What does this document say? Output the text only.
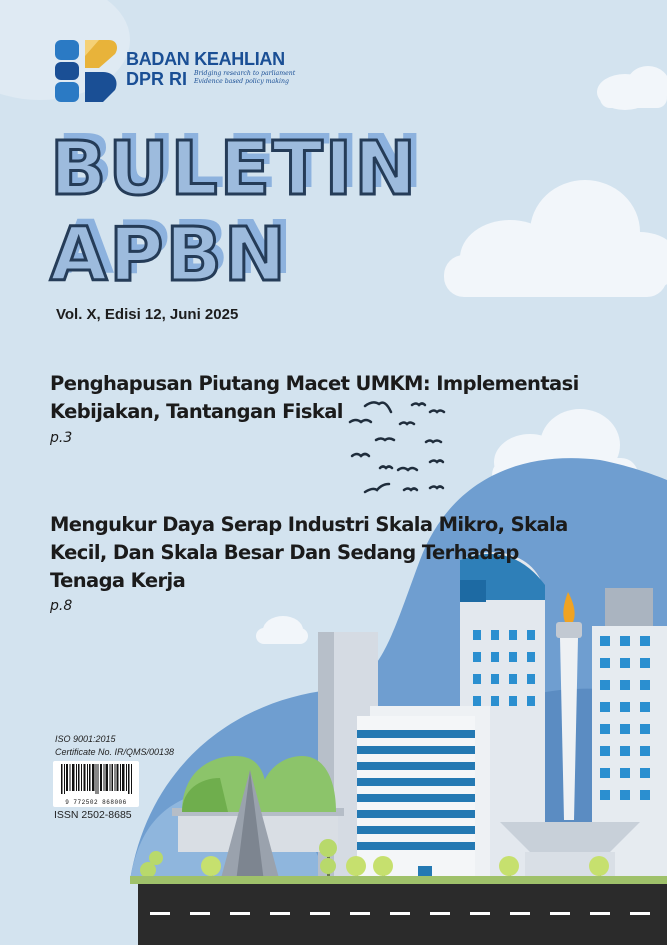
BADAN KEAHLIAN
DPR RI Bridging research to parliament
Evidence based policy making
BULETIN
APBN
Vol. X, Edisi 12, Juni 2025
Penghapusan Piutang Macet UMKM: Implementasi Kebijakan, Tantangan Fiskal
p.3
Mengukur Daya Serap Industri Skala Mikro, Skala Kecil, Dan Skala Besar Dan Sedang Terhadap Tenaga Kerja
p.8
ISO 9001:2015
Certificate No. IR/QMS/00138
9 772502 868006
ISSN 2502-8685
